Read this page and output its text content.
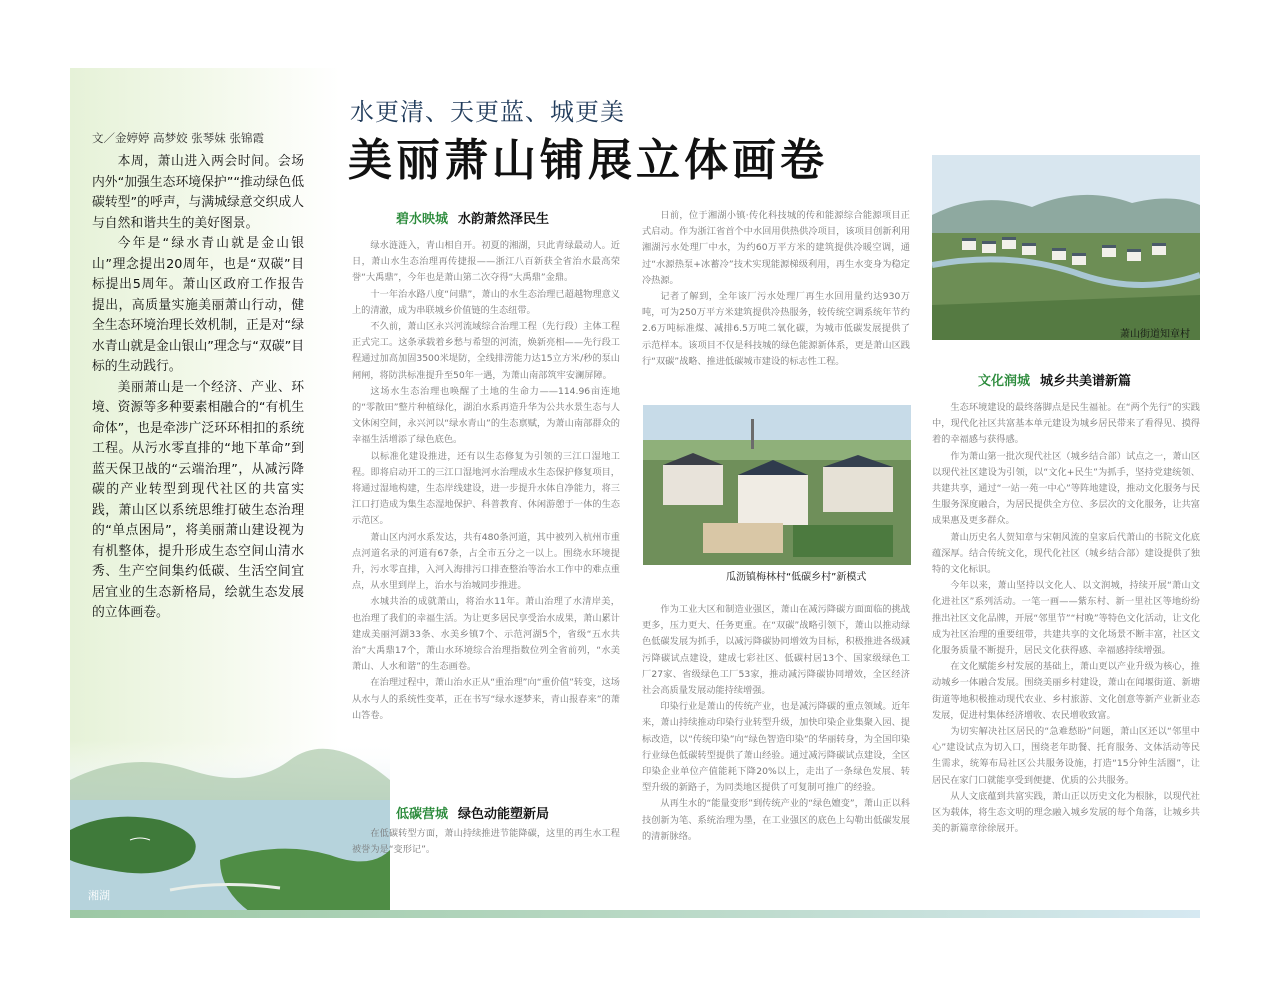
水更清、天更蓝、城更美
美丽萧山铺展立体画卷
文／金婷婷 高梦姣 张琴妹 张锦霞

本周，萧山进入两会时间。会场内外“加强生态环境保护”“推动绿色低碳转型”的呼声，与满城绿意交织成人与自然和谐共生的美好图景。

今年是“绿水青山就是金山银山”理念提出20周年，也是“双碳”目标提出5周年。萧山区政府工作报告提出，高质量实施美丽萧山行动，健全生态环境治理长效机制，正是对“绿水青山就是金山银山”理念与“双碳”目标的生动践行。

美丽萧山是一个经济、产业、环境、资源等多种要素相融合的“有机生命体”，也是牵涉广泛环环相扣的系统工程。从污水零直排的“地下革命”到蓝天保卫战的“云端治理”，从减污降碳的产业转型到现代社区的共富实践，萧山区以系统思维打破生态治理的“单点困局”，将美丽萧山建设视为有机整体，提升形成生态空间山清水秀、生产空间集约低碳、生活空间宜居宜业的生态新格局，绘就生态发展的立体画卷。

湘湖
碧水映城 水韵萧然泽民生

绿水涟涟入，青山相自开。初夏的湘湖，只此青绿最动人。近日，萧山水生态治理再传捷报——浙江八百新获全省治水最高荣誉“大禹鼎”，今年也是萧山第二次夺得“大禹鼎”金鼎。

十一年治水路八度“问鼎”，萧山的水生态治理已超越物理意义上的清澈，成为串联城乡价值链的生态纽带。

不久前，萧山区永兴河流域综合治理工程（先行段）主体工程正式完工。这条承载着乡愁与希望的河流，焕新亮相——先行段工程通过加高加固3500米堤防，全线排涝能力达15立方米/秒的泵山闸闸，将防洪标准提升至50年一遇，为萧山南部筑牢安澜屏障。

这场水生态治理也唤醒了土地的生命力——114.96亩连地的“零散田”整片种植绿化，湖泊水系再造升华为公共水景生态与人文休闲空间，永兴河以“绿水青山”的生态禀赋，为萧山南部群众的幸福生活增添了绿色底色。

以标准化建设推进，还有以生态修复为引领的三江口湿地工程。即将启动开工的三江口湿地河水治理成水生态保护修复项目，将通过湿地构建，生态岸线建设，进一步提升水体自净能力，将三江口打造成为集生态湿地保护、科普教育、休闲游憩于一体的生态示范区。

萧山区内河水系发达，共有480条河道，其中被列入杭州市重点河道名录的河道有67条，占全市五分之一以上。围绕水环境提升，污水零直排，入河入海排污口排查整治等治水工作中的难点重点，从水里到岸上，治水与治城同步推进。

水城共治的成就萧山，将治水11年。萧山治理了水清岸美，也治理了我们的幸福生活。为让更多居民享受治水成果，萧山累计建成美丽河湖33条、水美乡镇7个、示范河湖5个，省级“五水共治”大禹鼎17个，萧山水环境综合治理指数位列全省前列，“水美萧山、人水和谐”的生态画卷。

在治理过程中，萧山治水正从“重治理”向“重价值”转变，这场从水与人的系统性变革，正在书写“绿水逐梦来，青山报春来”的萧山答卷。

低碳营城 绿色动能塑新局

在低碳转型方面，萧山持续推进节能降碳，这里的再生水工程被誉为是“变形记”。

日前，位于湘湖小镇·传化科技城的传和能源综合能源项目正式启动。作为浙江省首个中水回用供热供冷项目，该项目创新利用湘湖污水处理厂中水，为约60万平方米的建筑提供冷暖空调，通过“水源热泵+冰蓄冷”技术实现能源梯级利用，再生水变身为稳定冷热源。

记者了解到，全年该厂污水处理厂再生水回用量约达930万吨，可为250万平方米建筑提供冷热服务，较传统空调系统年节约2.6万吨标准煤、减排6.5万吨二氧化碳，为城市低碳发展提供了示范样本。该项目不仅是科技城的绿色能源新体系，更是萧山区践行“双碳”战略、推进低碳城市建设的标志性工程。

瓜沥镇梅林村“低碳乡村”新模式

作为工业大区和制造业强区，萧山在减污降碳方面面临的挑战更多，压力更大、任务更重。在“双碳”战略引领下，萧山以推动绿色低碳发展为抓手，以减污降碳协同增效为目标，积极推进各级减污降碳试点建设，建成七彩社区、低碳村居13个、国家级绿色工厂27家、省级绿色工厂53家，推动减污降碳协同增效，全区经济社会高质量发展动能持续增强。

印染行业是萧山的传统产业，也是减污降碳的重点领域。近年来，萧山持续推动印染行业转型升级，加快印染企业集聚入园、提标改造，以“传统印染”向“绿色智造印染”的华丽转身，为全国印染行业绿色低碳转型提供了萧山经验。通过减污降碳试点建设，全区印染企业单位产值能耗下降20%以上，走出了一条绿色发展、转型升级的新路子，为同类地区提供了可复制可推广的经验。

从再生水的“能量变形”到传统产业的“绿色嬗变”，萧山正以科技创新为笔、系统治理为墨，在工业强区的底色上勾勒出低碳发展的清新脉络。

萧山街道知章村
文化润城 城乡共美谱新篇

生态环境建设的最终落脚点是民生福祉。在“两个先行”的实践中，现代化社区共富基本单元建设为城乡居民带来了看得见、摸得着的幸福感与获得感。

作为萧山第一批次现代社区（城乡结合部）试点之一，萧山区以现代社区建设为引领，以“文化+民生”为抓手，坚持党建统领、共建共享，通过“一站一苑一中心”等阵地建设，推动文化服务与民生服务深度融合，为居民提供全方位、多层次的文化服务，让共富成果惠及更多群众。

萧山历史名人贺知章与宋朝风流的皇家后代萧山的书院文化底蕴深厚。结合传统文化，现代化社区（城乡结合部）建设提供了独特的文化标识。

今年以来，萧山坚持以文化人、以文润城，持续开展“萧山文化进社区”系列活动。一笔一画——紫东村、新一里社区等地纷纷推出社区文化品牌，开展“邻里节”“村晚”等特色文化活动，让文化成为社区治理的重要纽带，共建共享的文化场景不断丰富，社区文化服务质量不断提升，居民文化获得感、幸福感持续增强。

在文化赋能乡村发展的基础上，萧山更以产业升级为核心，推动城乡一体融合发展。围绕美丽乡村建设，萧山在闻堰街道、新塘街道等地积极推动现代农业、乡村旅游、文化创意等新产业新业态发展，促进村集体经济增收、农民增收致富。

为切实解决社区居民的“急难愁盼”问题，萧山区还以“邻里中心”建设试点为切入口，围绕老年助餐、托育服务、文体活动等民生需求，统筹布局社区公共服务设施，打造“15分钟生活圈”，让居民在家门口就能享受到便捷、优质的公共服务。

从人文底蕴到共富实践，萧山正以历史文化为根脉，以现代社区为载体，将生态文明的理念融入城乡发展的每个角落，让城乡共美的新篇章徐徐展开。
